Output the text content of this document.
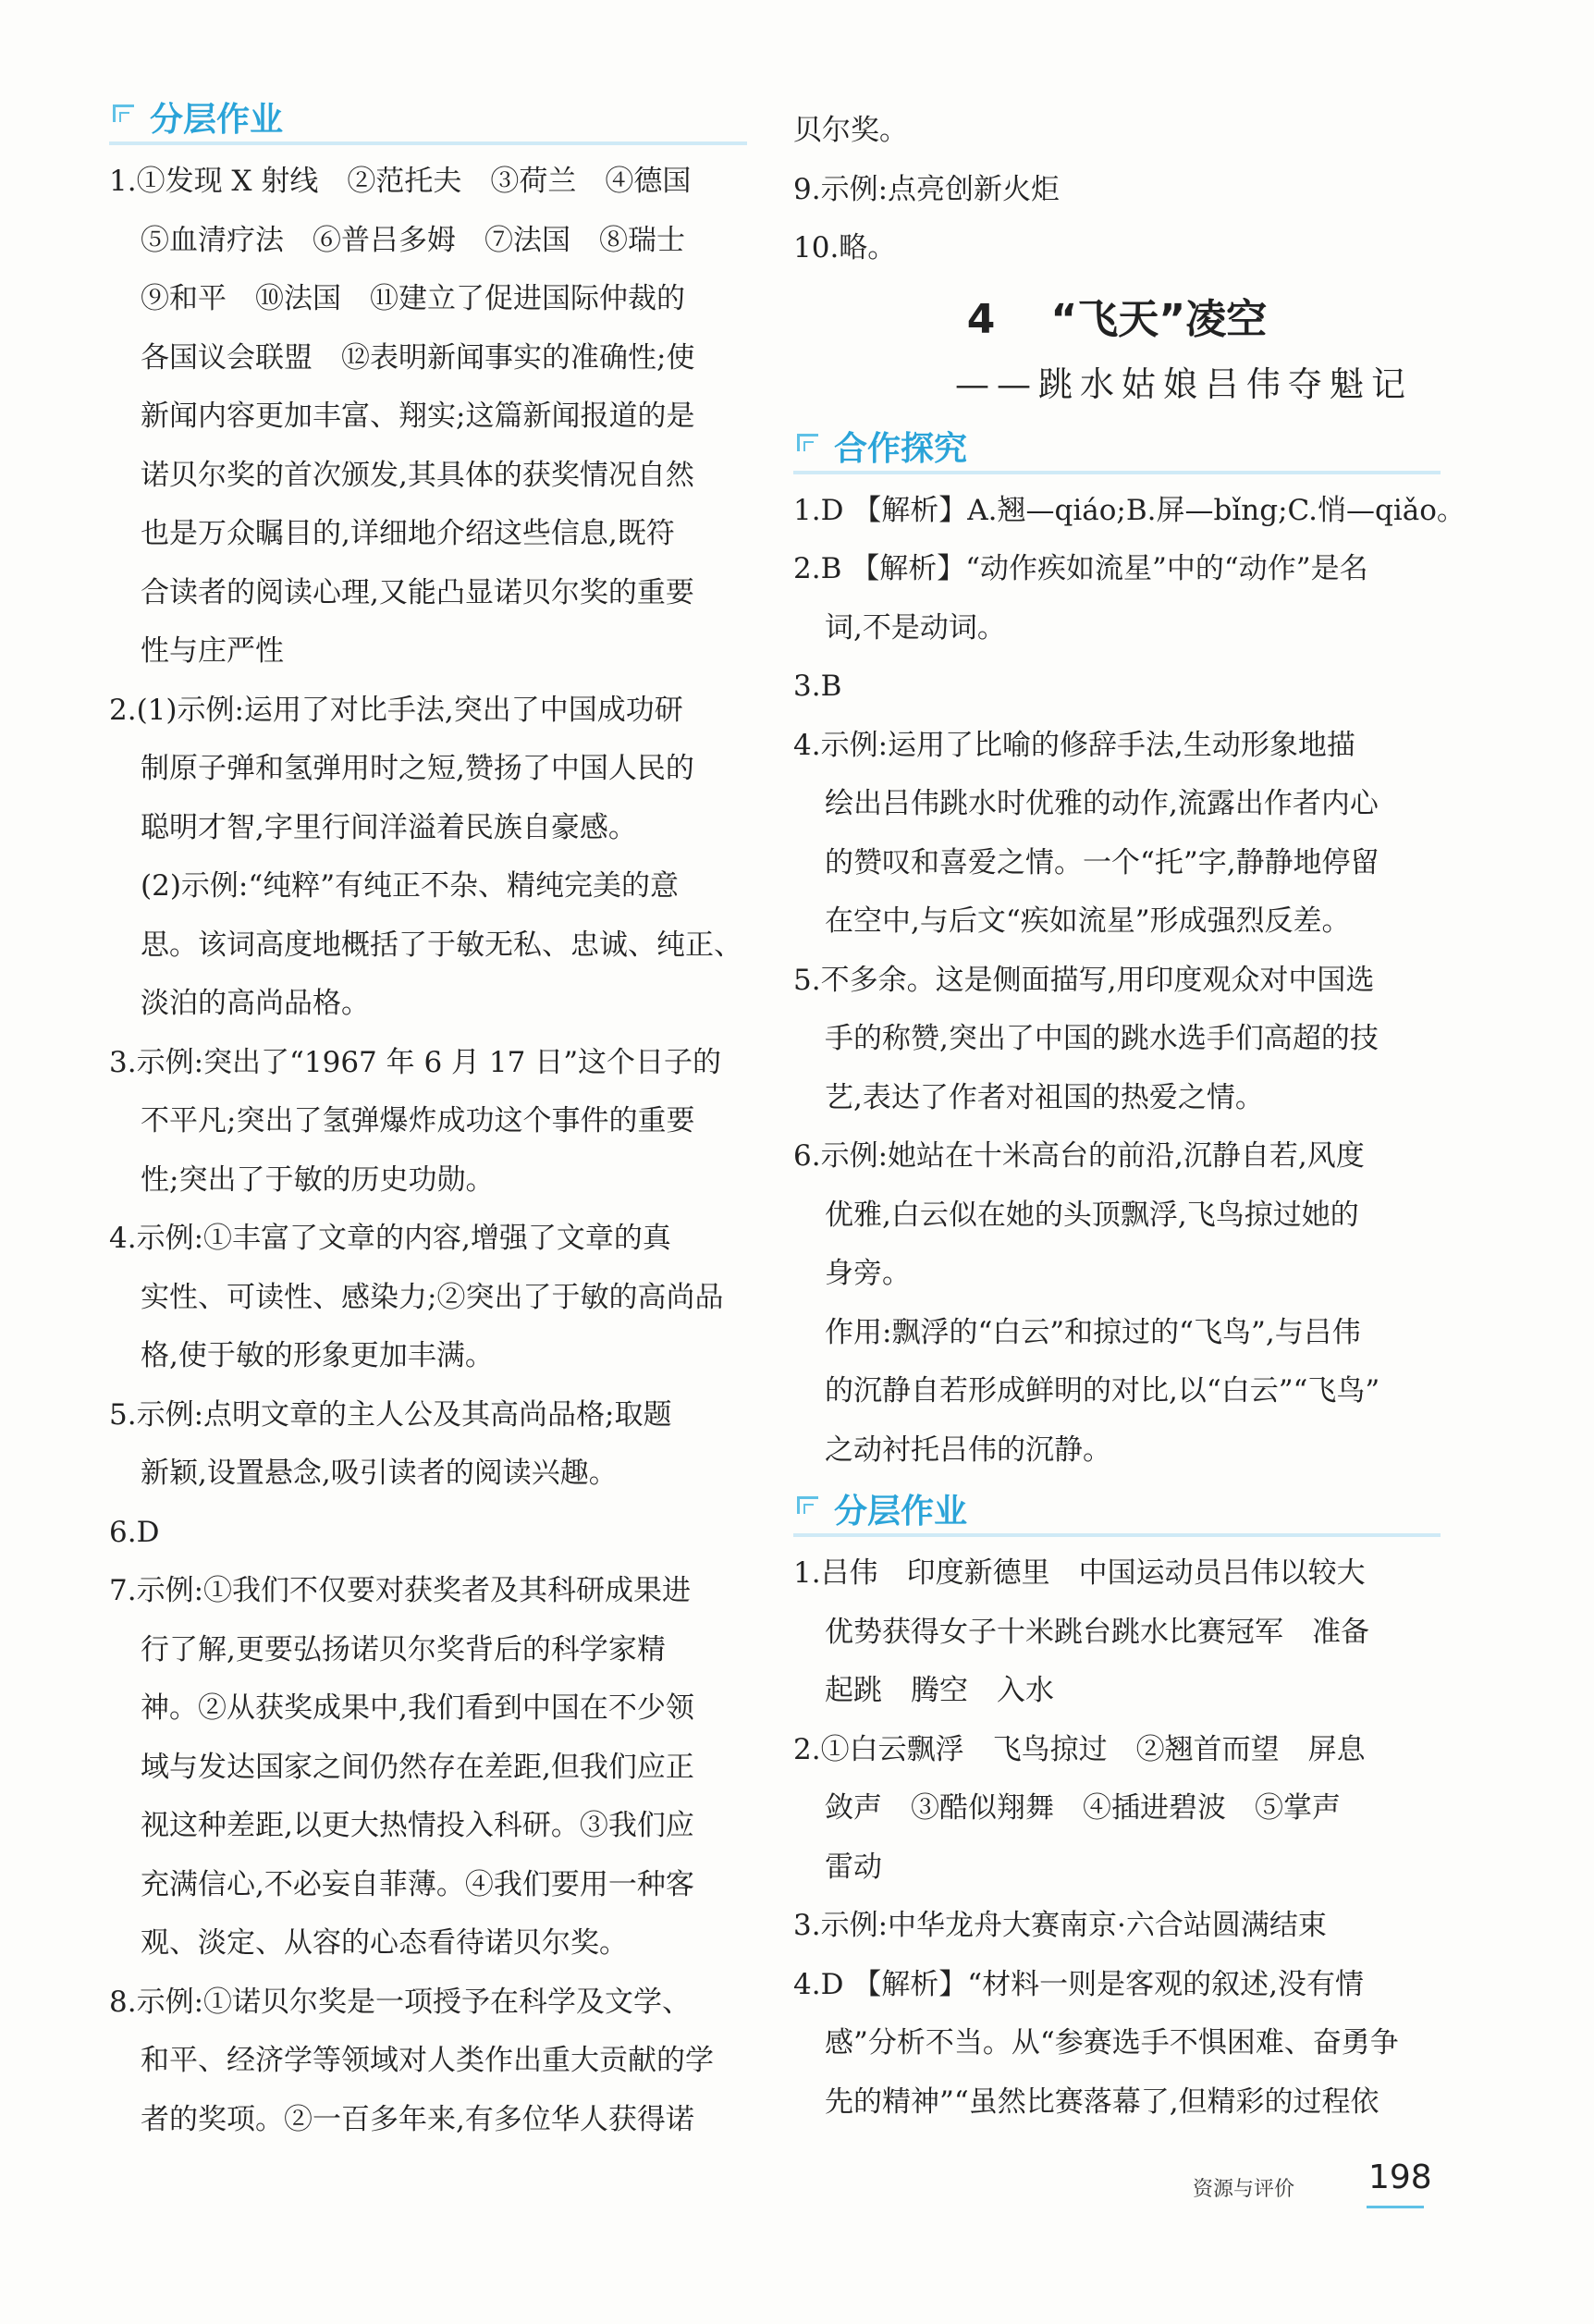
分层作业
1.①发现 X 射线　②范托夫　③荷兰　④德国
⑤血清疗法　⑥普吕多姆　⑦法国　⑧瑞士
⑨和平　⑩法国　⑪建立了促进国际仲裁的
各国议会联盟　⑫表明新闻事实的准确性;使
新闻内容更加丰富、翔实;这篇新闻报道的是
诺贝尔奖的首次颁发,其具体的获奖情况自然
也是万众瞩目的,详细地介绍这些信息,既符
合读者的阅读心理,又能凸显诺贝尔奖的重要
性与庄严性
2.(1)示例:运用了对比手法,突出了中国成功研
制原子弹和氢弹用时之短,赞扬了中国人民的
聪明才智,字里行间洋溢着民族自豪感。
(2)示例:“纯粹”有纯正不杂、精纯完美的意
思。该词高度地概括了于敏无私、忠诚、纯正、
淡泊的高尚品格。
3.示例:突出了“1967 年 6 月 17 日”这个日子的
不平凡;突出了氢弹爆炸成功这个事件的重要
性;突出了于敏的历史功勋。
4.示例:①丰富了文章的内容,增强了文章的真
实性、可读性、感染力;②突出了于敏的高尚品
格,使于敏的形象更加丰满。
5.示例:点明文章的主人公及其高尚品格;取题
新颖,设置悬念,吸引读者的阅读兴趣。
6.D
7.示例:①我们不仅要对获奖者及其科研成果进
行了解,更要弘扬诺贝尔奖背后的科学家精
神。②从获奖成果中,我们看到中国在不少领
域与发达国家之间仍然存在差距,但我们应正
视这种差距,以更大热情投入科研。③我们应
充满信心,不必妄自菲薄。④我们要用一种客
观、淡定、从容的心态看待诺贝尔奖。
8.示例:①诺贝尔奖是一项授予在科学及文学、
和平、经济学等领域对人类作出重大贡献的学
者的奖项。②一百多年来,有多位华人获得诺
贝尔奖。
9.示例:点亮创新火炬
10.略。
4 “飞天”凌空
——跳水姑娘吕伟夺魁记
合作探究
1.D 【解析】A.翘—qiáo;B.屏—bǐng;C.悄—qiǎo。
2.B 【解析】“动作疾如流星”中的“动作”是名
词,不是动词。
3.B
4.示例:运用了比喻的修辞手法,生动形象地描
绘出吕伟跳水时优雅的动作,流露出作者内心
的赞叹和喜爱之情。一个“托”字,静静地停留
在空中,与后文“疾如流星”形成强烈反差。
5.不多余。这是侧面描写,用印度观众对中国选
手的称赞,突出了中国的跳水选手们高超的技
艺,表达了作者对祖国的热爱之情。
6.示例:她站在十米高台的前沿,沉静自若,风度
优雅,白云似在她的头顶飘浮,飞鸟掠过她的
身旁。
作用:飘浮的“白云”和掠过的“飞鸟”,与吕伟
的沉静自若形成鲜明的对比,以“白云”“飞鸟”
之动衬托吕伟的沉静。
分层作业
1.吕伟　印度新德里　中国运动员吕伟以较大
优势获得女子十米跳台跳水比赛冠军　准备
起跳　腾空　入水
2.①白云飘浮　飞鸟掠过　②翘首而望　屏息
敛声　③酷似翔舞　④插进碧波　⑤掌声
雷动
3.示例:中华龙舟大赛南京·六合站圆满结束
4.D 【解析】“材料一则是客观的叙述,没有情
感”分析不当。从“参赛选手不惧困难、奋勇争
先的精神”“虽然比赛落幕了,但精彩的过程依
资源与评价 198
